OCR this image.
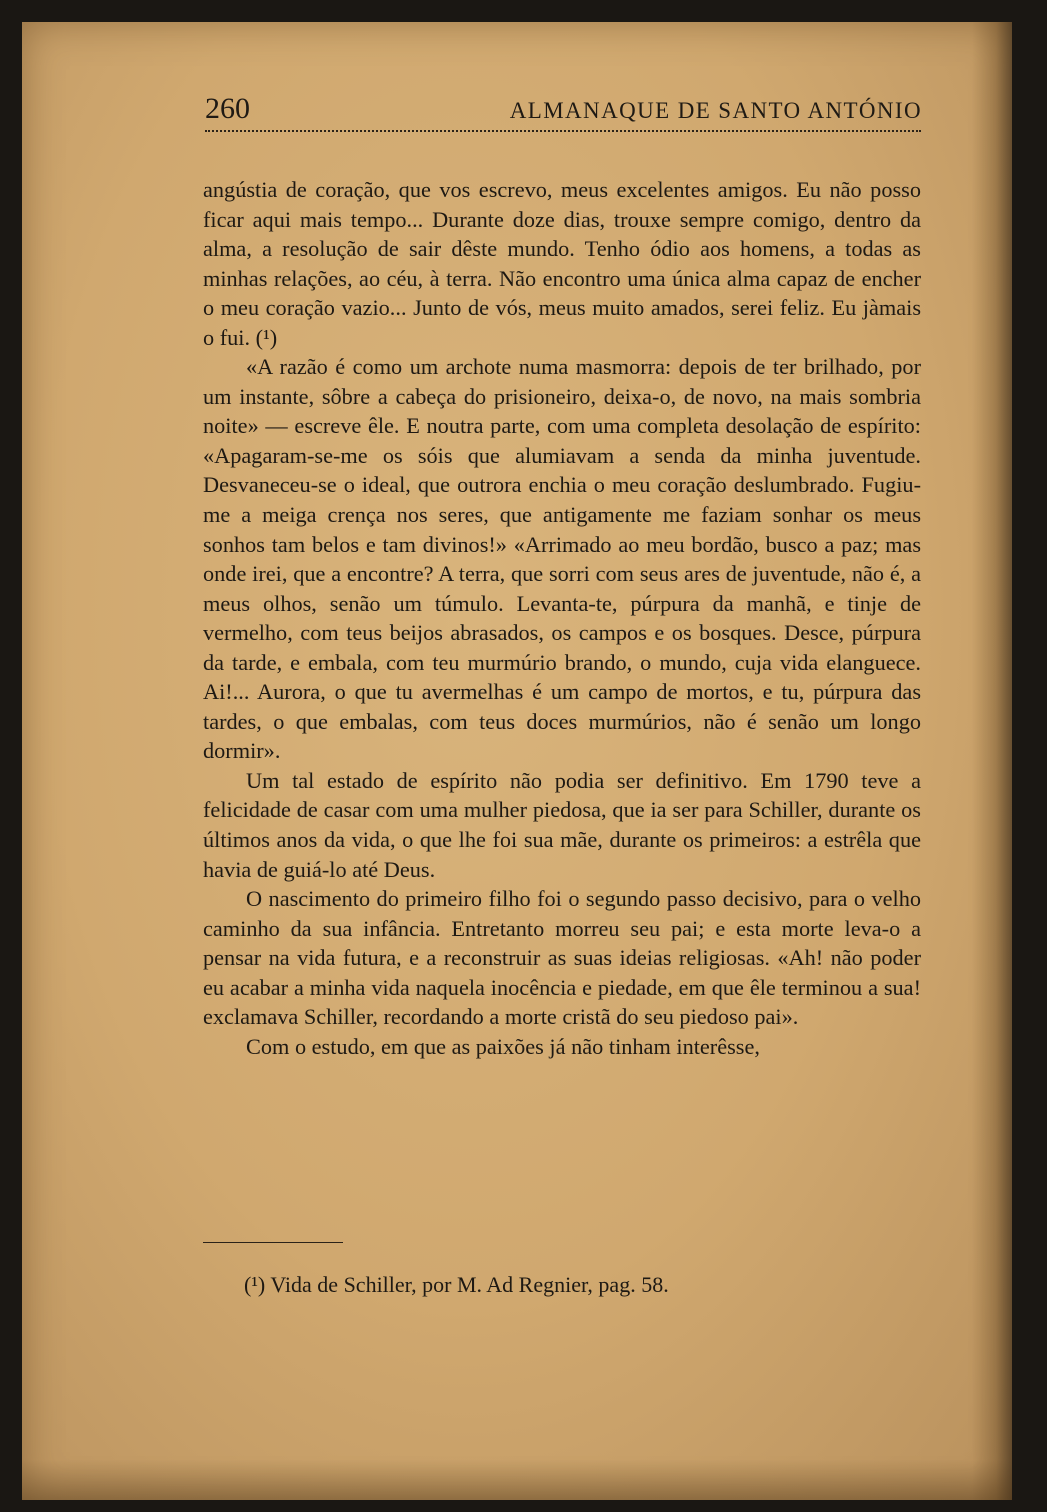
260	ALMANAQUE DE SANTO ANTÓNIO

angústia de coração, que vos escrevo, meus excelentes amigos. Eu não posso ficar aqui mais tempo... Durante doze dias, trouxe sempre comigo, dentro da alma, a resolução de sair dêste mundo. Tenho ódio aos homens, a todas as minhas relações, ao céu, à terra. Não encontro uma única alma capaz de encher o meu coração vazio... Junto de vós, meus muito amados, serei feliz. Eu jàmais o fui. (¹)

«A razão é como um archote numa masmorra: depois de ter brilhado, por um instante, sôbre a cabeça do prisioneiro, deixa-o, de novo, na mais sombria noite» — escreve êle. E noutra parte, com uma completa desolação de espírito: «Apagaram-se-me os sóis que alumiavam a senda da minha juventude. Desvaneceu-se o ideal, que outrora enchia o meu coração deslumbrado. Fugiu-me a meiga crença nos seres, que antigamente me faziam sonhar os meus sonhos tam belos e tam divinos!» «Arrimado ao meu bordão, busco a paz; mas onde irei, que a encontre? A terra, que sorri com seus ares de juventude, não é, a meus olhos, senão um túmulo. Levanta-te, púrpura da manhã, e tinje de vermelho, com teus beijos abrasados, os campos e os bosques. Desce, púrpura da tarde, e embala, com teu murmúrio brando, o mundo, cuja vida elanguece. Ai!... Aurora, o que tu avermelhas é um campo de mortos, e tu, púrpura das tardes, o que embalas, com teus doces murmúrios, não é senão um longo dormir».

Um tal estado de espírito não podia ser definitivo. Em 1790 teve a felicidade de casar com uma mulher piedosa, que ia ser para Schiller, durante os últimos anos da vida, o que lhe foi sua mãe, durante os primeiros: a estrêla que havia de guiá-lo até Deus.

O nascimento do primeiro filho foi o segundo passo decisivo, para o velho caminho da sua infância. Entretanto morreu seu pai; e esta morte leva-o a pensar na vida futura, e a reconstruir as suas ideias religiosas. «Ah! não poder eu acabar a minha vida naquela inocência e piedade, em que êle terminou a sua! exclamava Schiller, recordando a morte cristã do seu piedoso pai».

Com o estudo, em que as paixões já não tinham interêsse,

(¹) Vida de Schiller, por M. Ad Regnier, pag. 58.
